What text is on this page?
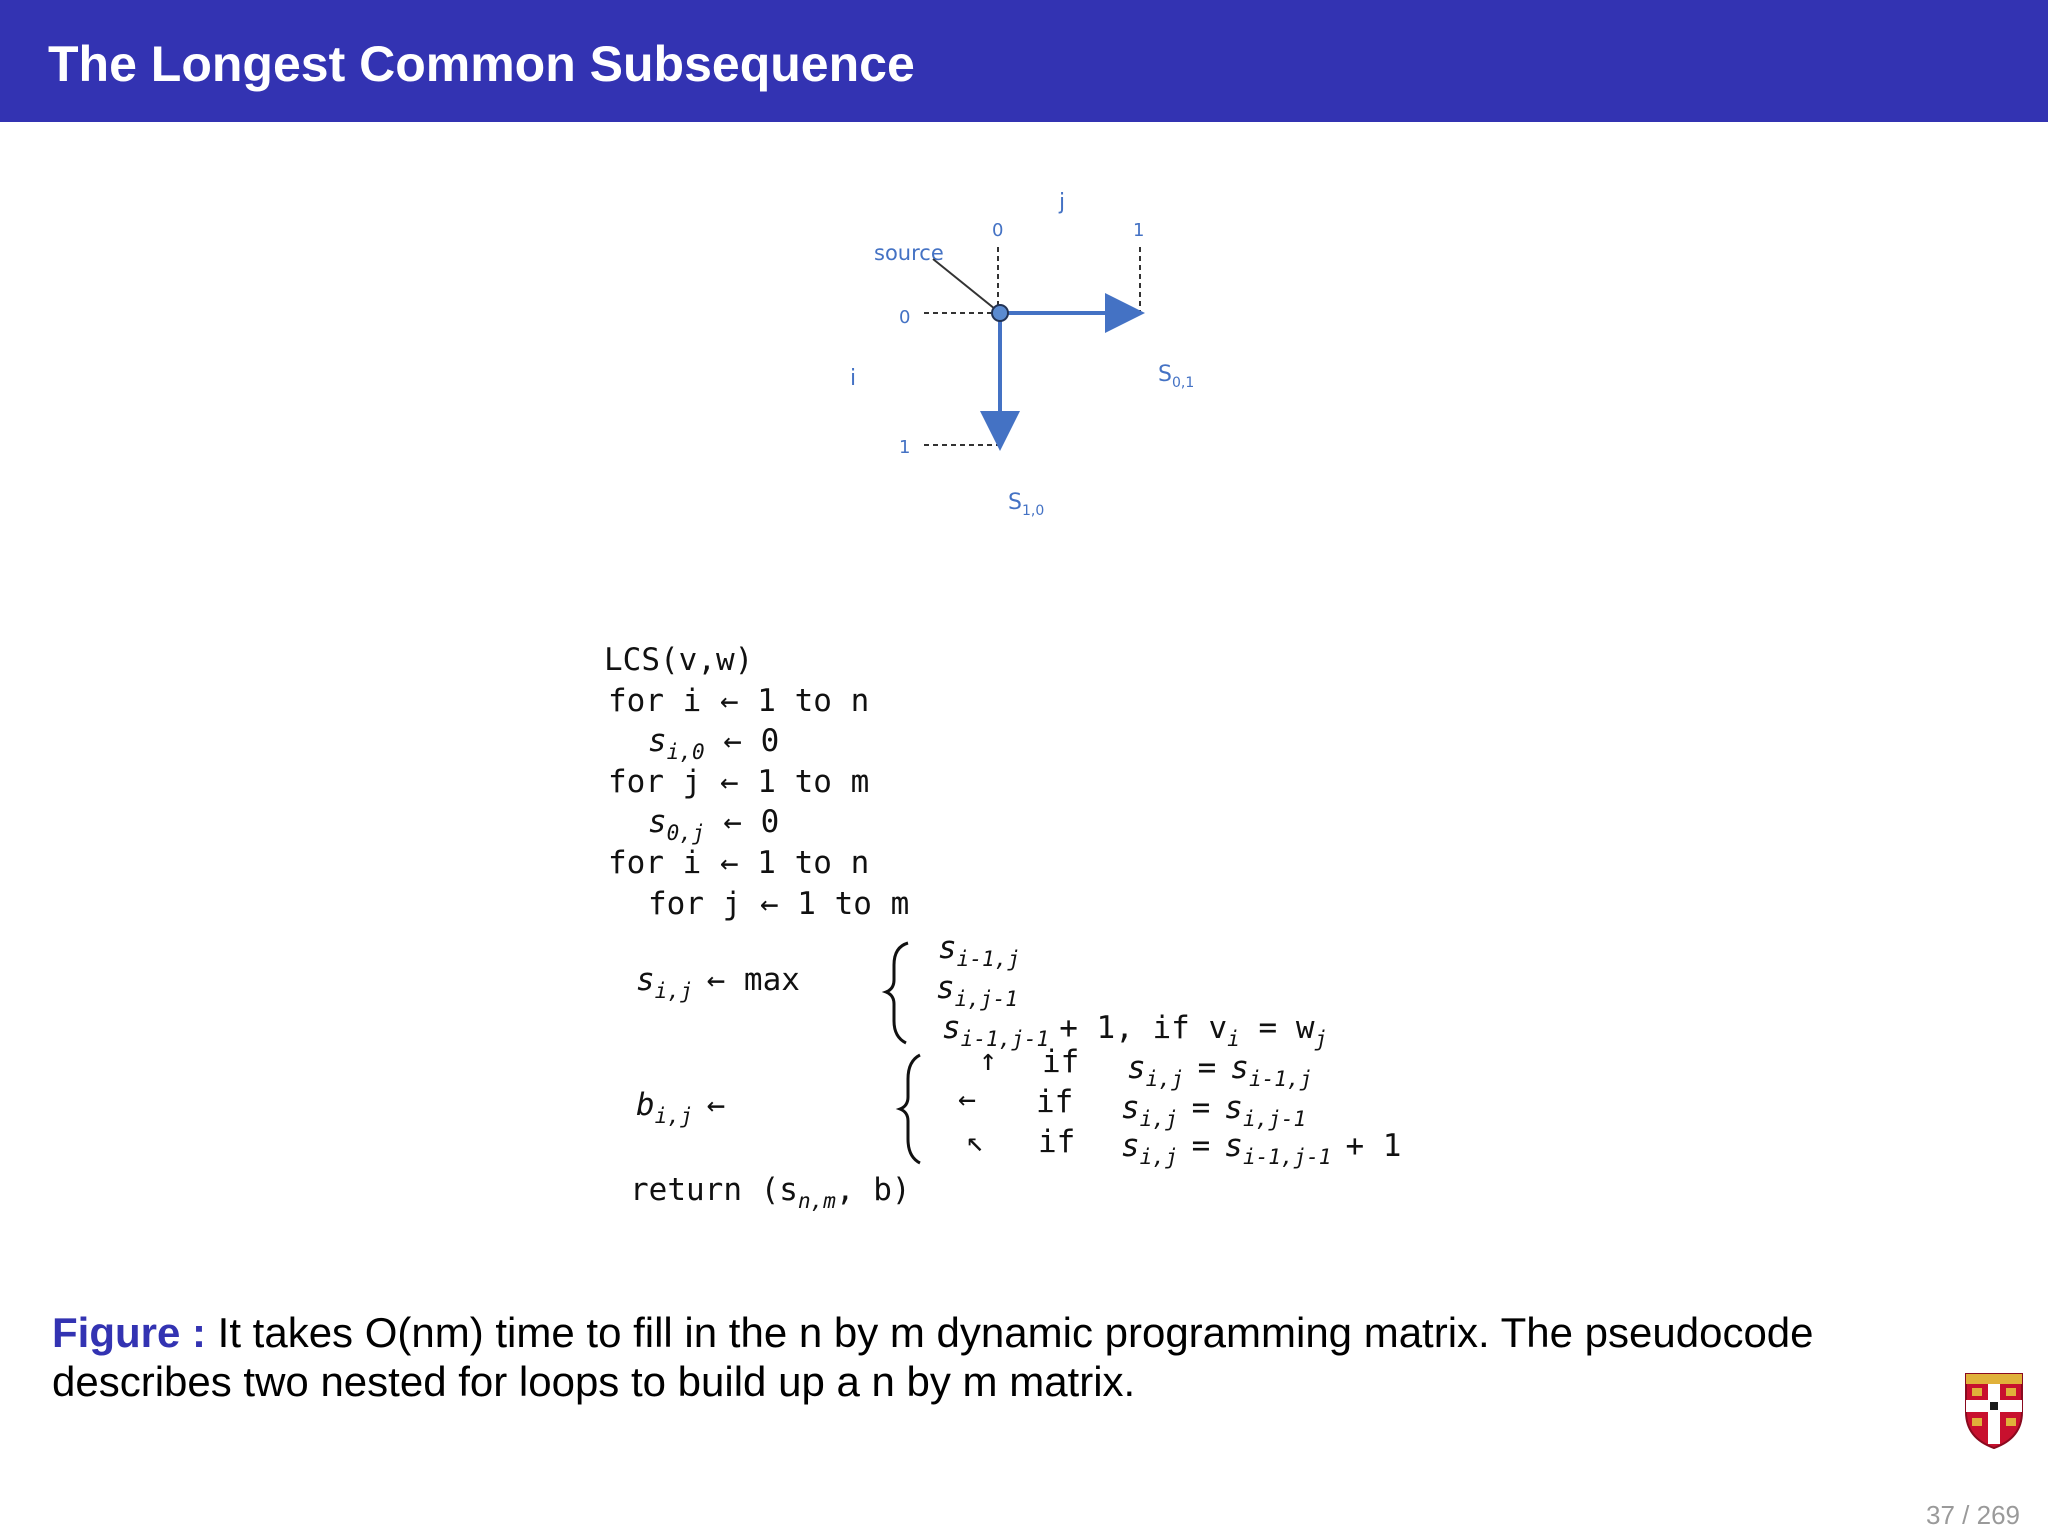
The Longest Common Subsequence
j
0	1
source
0
i
1
$S_{0,1}$
$S_{1,0}$
LCS(v,w)
for i ← 1 to n
$s_{i,0}$ ← 0
for j ← 1 to m
$s_{0,j}$ ← 0
for i ← 1 to n
for j ← 1 to m
$s_{i,j}$ ← max
$s_{i-1,j}$
$s_{i,j-1}$
$s_{i-1,j-1} + 1$, if $v_i = w_j$
$b_{i,j}$ ←
↑
←
↖
if $s_{i,j} = s_{i-1,j}$
if $s_{i,j} = s_{i,j-1}$
if $s_{i,j} = s_{i-1,j-1} + 1$
return ($s_{n,m}$, b)
Figure : It takes O(nm) time to fill in the n by m dynamic programming matrix. The pseudocode describes two nested for loops to build up a n by m matrix.
37 / 269
